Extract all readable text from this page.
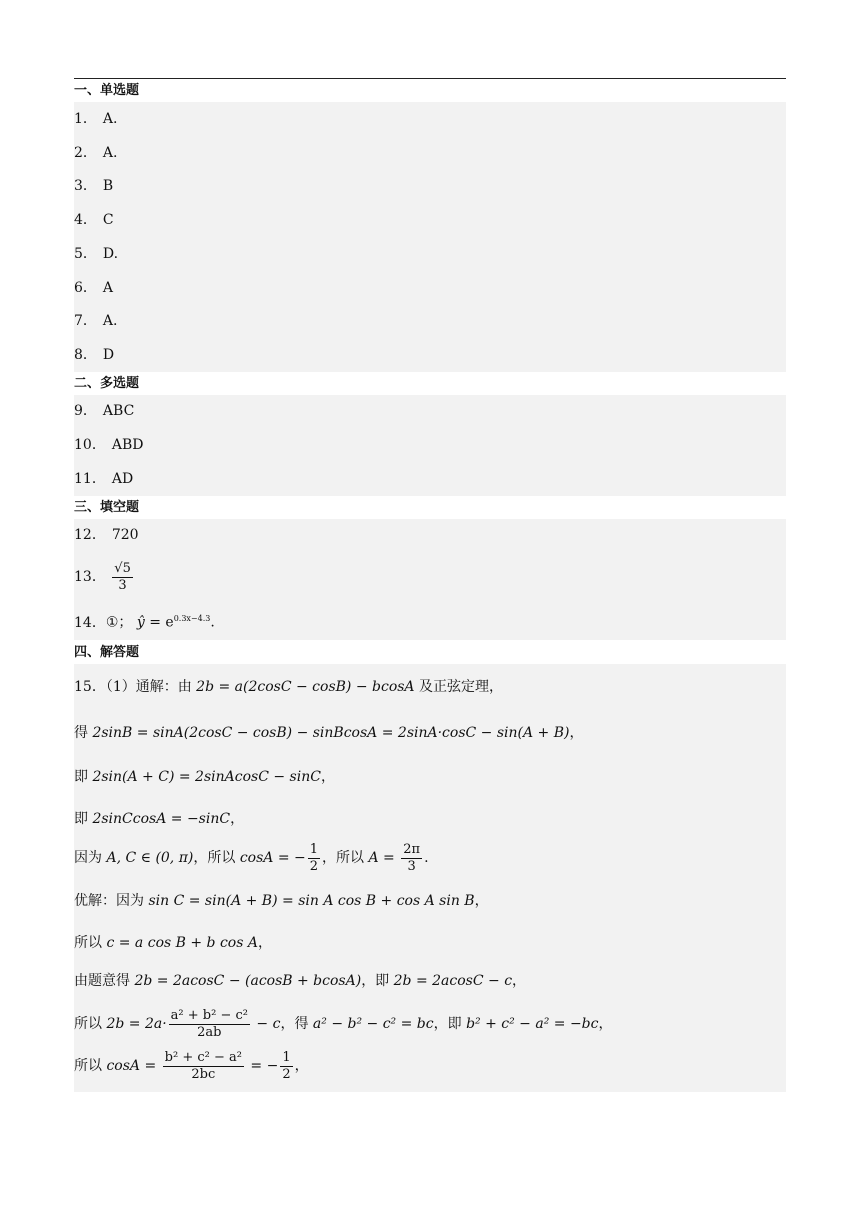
一、单选题
1． A.
2． A.
3． B
4． C
5． D.
6． A
7． A.
8． D
二、多选题
9． ABC
10． ABD
11． AD
三、填空题
12． 720
13． $\frac{√5}{3}$
14．①； ŷ = $e^{0.3x-4.3}$.
四、解答题
15．（1）通解：由 2b = a(2cosC − cosB) − bcosA 及正弦定理，
得 2sinB = sinA(2cosC − cosB) − sinBcosA = 2sinA·cosC − sin(A + B)，
即 2sin(A + C) = 2sinAcosC − sinC，
即 2sinCcosA = −sinC，
因为 A, C ∈ (0, π)，所以 cosA = − $\frac{1}{2}$ ，所以 $A = \frac{2\pi}{3}$ .
优解：因为 sin C = sin(A + B) = sin A cos B + cos A sin B，
所以 c = a cos B + b cos A，
由题意得 2b = 2acosC − (acosB + bcosA)，即 2b = 2acosC − c，
所以 $2b = 2a\cdot \frac{\text{a² + b² − c²}}{2ab} - c$，得 a² − b² − c² = bc，即 b² + c² − a² = −bc，
所以 $\cos A = \frac{\text{b² + c² − a²}}{2bc}$ = − $\frac{1}{2}$ ，
